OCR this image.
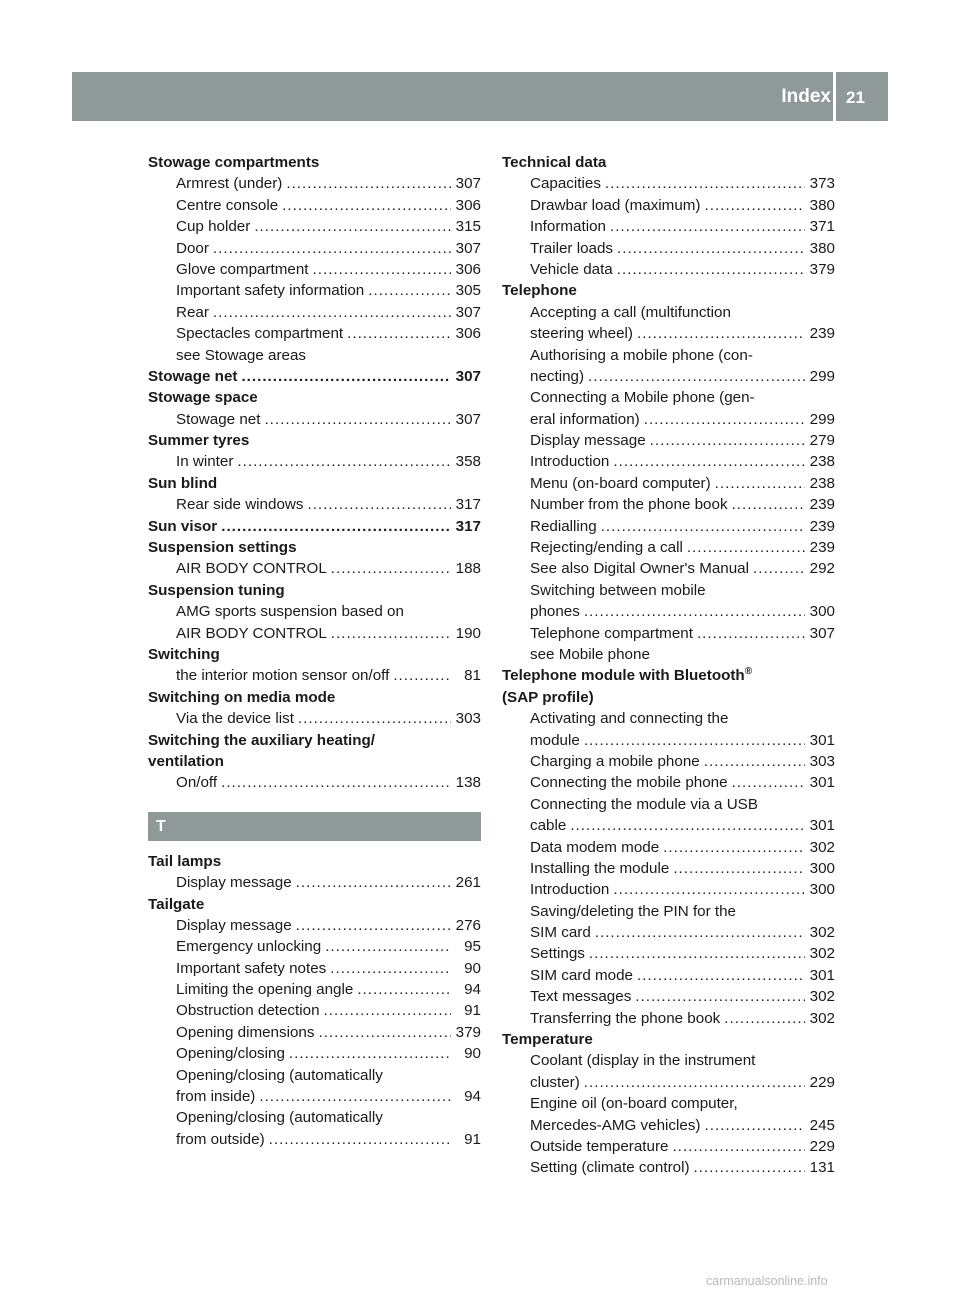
Index 21
Stowage compartments
Armrest (under) .....	307
Centre console .....	306
Cup holder .....	315
Door .....	307
Glove compartment .....	306
Important safety information .....	305
Rear .....	307
Spectacles compartment .....	306
see Stowage areas
Stowage net .....	307
Stowage space
Stowage net .....	307
Summer tyres
In winter .....	358
Sun blind
Rear side windows .....	317
Sun visor .....	317
Suspension settings
AIR BODY CONTROL .....	188
Suspension tuning
AMG sports suspension based on
AIR BODY CONTROL .....	190
Switching
the interior motion sensor on/off .....	81
Switching on media mode
Via the device list .....	303
Switching the auxiliary heating/
ventilation
On/off .....	138
T
Tail lamps
Display message .....	261
Tailgate
Display message .....	276
Emergency unlocking .....	95
Important safety notes .....	90
Limiting the opening angle .....	94
Obstruction detection .....	91
Opening dimensions .....	379
Opening/closing .....	90
Opening/closing (automatically
from inside) .....	94
Opening/closing (automatically
from outside) .....	91
Technical data
Capacities .....	373
Drawbar load (maximum) .....	380
Information .....	371
Trailer loads .....	380
Vehicle data .....	379
Telephone
Accepting a call (multifunction
steering wheel) .....	239
Authorising a mobile phone (con-
necting) .....	299
Connecting a Mobile phone (gen-
eral information) .....	299
Display message .....	279
Introduction .....	238
Menu (on-board computer) .....	238
Number from the phone book .....	239
Redialling .....	239
Rejecting/ending a call .....	239
See also Digital Owner's Manual .....	292
Switching between mobile
phones .....	300
Telephone compartment .....	307
see Mobile phone
Telephone module with Bluetooth®
(SAP profile)
Activating and connecting the
module .....	301
Charging a mobile phone .....	303
Connecting the mobile phone .....	301
Connecting the module via a USB
cable .....	301
Data modem mode .....	302
Installing the module .....	300
Introduction .....	300
Saving/deleting the PIN for the
SIM card .....	302
Settings .....	302
SIM card mode .....	301
Text messages .....	302
Transferring the phone book .....	302
Temperature
Coolant (display in the instrument
cluster) .....	229
Engine oil (on-board computer,
Mercedes-AMG vehicles) .....	245
Outside temperature .....	229
Setting (climate control) .....	131
carmanualsonline.info
